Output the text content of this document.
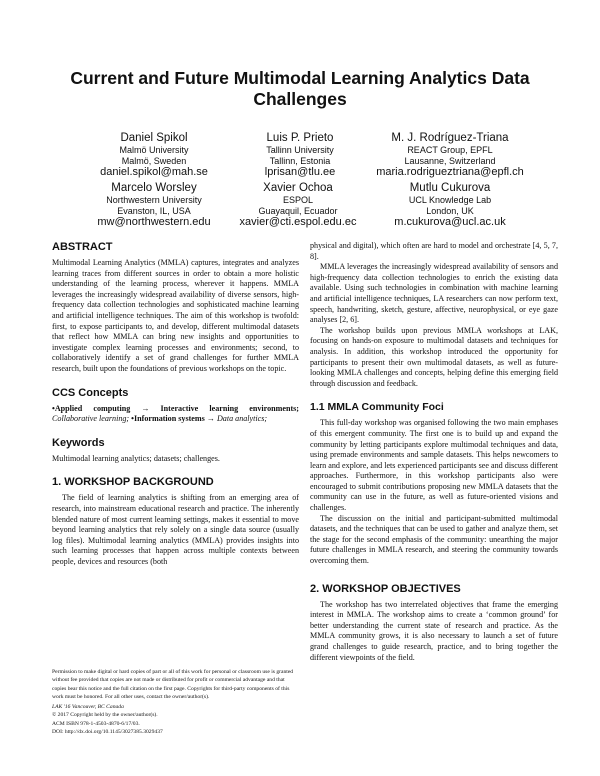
Current and Future Multimodal Learning Analytics Data Challenges
Daniel Spikol
Malmö University
Malmö, Sweden
daniel.spikol@mah.se
Luis P. Prieto
Tallinn University
Tallinn, Estonia
lprisan@tlu.ee
M. J. Rodríguez-Triana
REACT Group, EPFL
Lausanne, Switzerland
maria.rodrigueztriana@epfl.ch
Marcelo Worsley
Northwestern University
Evanston, IL, USA
mw@northwestern.edu
Xavier Ochoa
ESPOL
Guayaquil, Ecuador
xavier@cti.espol.edu.ec
Mutlu Cukurova
UCL Knowledge Lab
London, UK
m.cukurova@ucl.ac.uk
ABSTRACT

Multimodal Learning Analytics (MMLA) captures, integrates and analyzes learning traces from different sources in order to obtain a more holistic understanding of the learning process, wherever it happens. MMLA leverages the increasingly widespread availability of diverse sensors, high-frequency data collection technologies and sophisticated machine learning and artificial intelligence techniques. The aim of this workshop is twofold: first, to expose participants to, and develop, different multimodal datasets that reflect how MMLA can bring new insights and opportunities to investigate complex learning processes and environments; second, to collaboratively identify a set of grand challenges for further MMLA research, built upon the foundations of previous workshops on the topic.

CCS Concepts

•Applied computing → Interactive learning environments; Collaborative learning; •Information systems → Data analytics;

Keywords

Multimodal learning analytics; datasets; challenges.

1. WORKSHOP BACKGROUND

The field of learning analytics is shifting from an emerging area of research, into mainstream educational research and practice. The inherently blended nature of most current learning settings, makes it essential to move beyond learning analytics that rely solely on a single data source (usually log files). Multimodal learning analytics (MMLA) provides insights into such learning processes that happen across multiple contexts between people, devices and resources (both

physical and digital), which often are hard to model and orchestrate [4, 5, 7, 8].

MMLA leverages the increasingly widespread availability of sensors and high-frequency data collection technologies to enrich the existing data available. Using such technologies in combination with machine learning and artificial intelligence techniques, LA researchers can now perform text, speech, handwriting, sketch, gesture, affective, neurophysical, or eye gaze analyses [2, 6].

The workshop builds upon previous MMLA workshops at LAK, focusing on hands-on exposure to multimodal datasets and techniques for analysis. In addition, this workshop introduced the opportunity for participants to present their own multimodal datasets, as well as future-looking MMLA challenges and concepts, helping define this emerging field through discussion and feedback.

1.1 MMLA Community Foci

This full-day workshop was organised following the two main emphases of this emergent community. The first one is to build up and expand the community by letting participants explore multimodal techniques and data, using premade environments and sample datasets. This helps newcomers to learn and explore, and lets experienced participants see and discuss different approaches. Furthermore, in this workshop participants also were encouraged to submit contributions proposing new MMLA datasets that the community can use in the future, as well as future-oriented visions and challenges.

The discussion on the initial and participant-submitted multimodal datasets, and the techniques that can be used to gather and analyze them, set the stage for the second emphasis of the community: unearthing the major future challenges in MMLA research, and steering the community towards overcoming them.

2. WORKSHOP OBJECTIVES

The workshop has two interrelated objectives that frame the emerging interest in MMLA. The workshop aims to create a ‘common ground’ for better understanding the current state of research and practice. As the MMLA community grows, it is also necessary to launch a set of future grand challenges to guide research, practice, and to bring together the different viewpoints of the field.

Permission to make digital or hard copies of part or all of this work for personal or classroom use is granted without fee provided that copies are not made or distributed for profit or commercial advantage and that copies bear this notice and the full citation on the first page. Copyrights for third-party components of this work must be honored. For all other uses, contact the owner/author(s).
LAK '16 Vancouver, BC Canada
© 2017 Copyright held by the owner/author(s).
ACM ISBN 978-1-4503-4870-6/17/03.
DOI: http://dx.doi.org/10.1145/3027385.3029437
